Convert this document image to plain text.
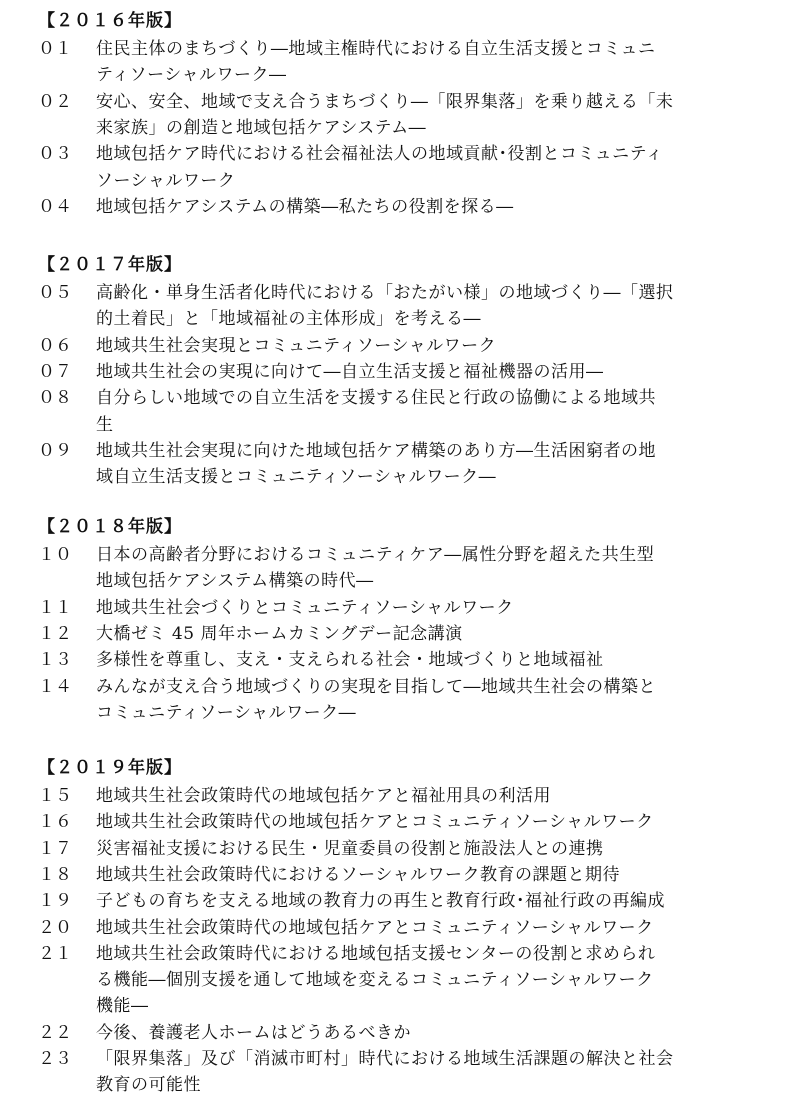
【２０１６年版】
０１ 住民主体のまちづくり―地域主権時代における自立生活支援とコミュニ
ティソーシャルワーク―
０２ 安心、安全、地域で支え合うまちづくり―「限界集落」を乗り越える「未
来家族」の創造と地域包括ケアシステム―
０３ 地域包括ケア時代における社会福祉法人の地域貢献･役割とコミュニティ
ソーシャルワーク
０４ 地域包括ケアシステムの構築―私たちの役割を探る―
【２０１７年版】
０５ 高齢化・単身生活者化時代における「おたがい様」の地域づくり―「選択
的土着民」と「地域福祉の主体形成」を考える―
０６ 地域共生社会実現とコミュニティソーシャルワーク
０７ 地域共生社会の実現に向けて―自立生活支援と福祉機器の活用―
０８ 自分らしい地域での自立生活を支援する住民と行政の協働による地域共
生
０９ 地域共生社会実現に向けた地域包括ケア構築のあり方―生活困窮者の地
域自立生活支援とコミュニティソーシャルワーク―
【２０１８年版】
１０ 日本の高齢者分野におけるコミュニティケア―属性分野を超えた共生型
地域包括ケアシステム構築の時代―
１１ 地域共生社会づくりとコミュニティソーシャルワーク
１２ 大橋ゼミ 45 周年ホームカミングデー記念講演
１３ 多様性を尊重し、支え・支えられる社会・地域づくりと地域福祉
１４ みんなが支え合う地域づくりの実現を目指して―地域共生社会の構築と
コミュニティソーシャルワーク―
【２０１９年版】
１５ 地域共生社会政策時代の地域包括ケアと福祉用具の利活用
１６ 地域共生社会政策時代の地域包括ケアとコミュニティソーシャルワーク
１７ 災害福祉支援における民生・児童委員の役割と施設法人との連携
１８ 地域共生社会政策時代におけるソーシャルワーク教育の課題と期待
１９ 子どもの育ちを支える地域の教育力の再生と教育行政･福祉行政の再編成
２０ 地域共生社会政策時代の地域包括ケアとコミュニティソーシャルワーク
２１ 地域共生社会政策時代における地域包括支援センターの役割と求められ
る機能―個別支援を通して地域を変えるコミュニティソーシャルワーク
機能―
２２ 今後、養護老人ホームはどうあるべきか
２３ 「限界集落」及び「消滅市町村」時代における地域生活課題の解決と社会
教育の可能性
